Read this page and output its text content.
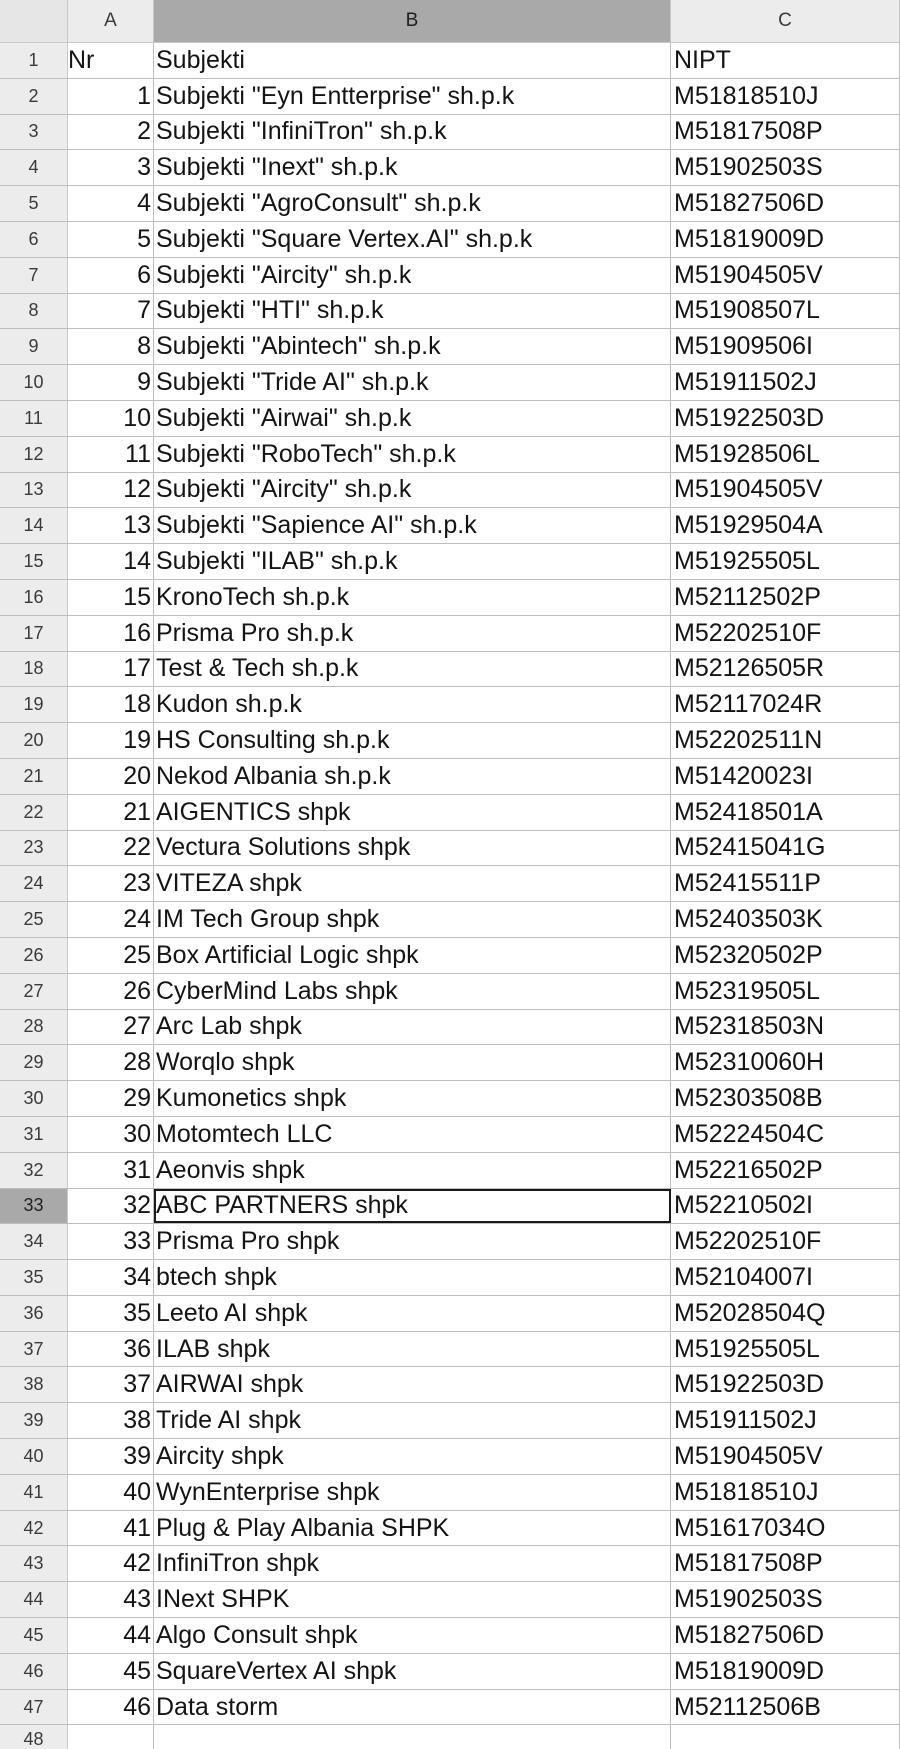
A	B	C
1	Nr	Subjekti	NIPT
2	1 Subjekti "Eyn Entterprise" sh.p.k	M51818510J
3	2 Subjekti "InfiniTron" sh.p.k	M51817508P
4	3 Subjekti "Inext" sh.p.k	M51902503S
5	4 Subjekti "AgroConsult" sh.p.k	M51827506D
6	5 Subjekti "Square Vertex.AI" sh.p.k	M51819009D
7	6 Subjekti "Aircity" sh.p.k	M51904505V
8	7 Subjekti "HTI" sh.p.k	M51908507L
9	8 Subjekti "Abintech" sh.p.k	M51909506I
10	9 Subjekti "Tride AI" sh.p.k	M51911502J
11	10 Subjekti "Airwai" sh.p.k	M51922503D
12	11 Subjekti "RoboTech" sh.p.k	M51928506L
13	12 Subjekti "Aircity" sh.p.k	M51904505V
14	13 Subjekti "Sapience AI" sh.p.k	M51929504A
15	14 Subjekti "ILAB" sh.p.k	M51925505L
16	15 KronoTech sh.p.k	M52112502P
17	16 Prisma Pro sh.p.k	M52202510F
18	17 Test & Tech sh.p.k	M52126505R
19	18 Kudon sh.p.k	M52117024R
20	19 HS Consulting sh.p.k	M52202511N
21	20 Nekod Albania sh.p.k	M51420023I
22	21 AIGENTICS shpk	M52418501A
23	22 Vectura Solutions shpk	M52415041G
24	23 VITEZA shpk	M52415511P
25	24 IM Tech Group shpk	M52403503K
26	25 Box Artificial Logic shpk	M52320502P
27	26 CyberMind Labs shpk	M52319505L
28	27 Arc Lab shpk	M52318503N
29	28 Worqlo shpk	M52310060H
30	29 Kumonetics shpk	M52303508B
31	30 Motomtech LLC	M52224504C
32	31 Aeonvis shpk	M52216502P
33	32 ABC PARTNERS shpk	M52210502I
34	33 Prisma Pro shpk	M52202510F
35	34 btech shpk	M52104007I
36	35 Leeto AI shpk	M52028504Q
37	36 ILAB shpk	M51925505L
38	37 AIRWAI shpk	M51922503D
39	38 Tride AI shpk	M51911502J
40	39 Aircity shpk	M51904505V
41	40 WynEnterprise shpk	M51818510J
42	41 Plug & Play Albania SHPK	M51617034O
43	42 InfiniTron shpk	M51817508P
44	43 INext SHPK	M51902503S
45	44 Algo Consult shpk	M51827506D
46	45 SquareVertex AI shpk	M51819009D
47	46 Data storm	M52112506B
48
